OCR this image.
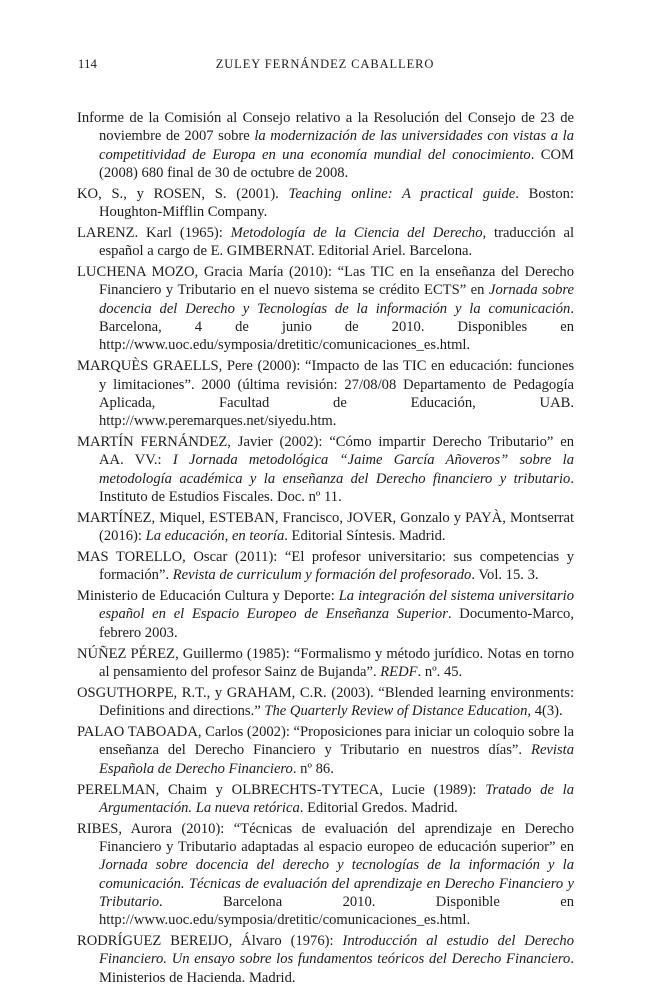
114	ZULEY FERNÁNDEZ CABALLERO
Informe de la Comisión al Consejo relativo a la Resolución del Consejo de 23 de noviembre de 2007 sobre la modernización de las universidades con vistas a la competitividad de Europa en una economía mundial del conocimiento. COM (2008) 680 final de 30 de octubre de 2008.
KO, S., y ROSEN, S. (2001). Teaching online: A practical guide. Boston: Houghton-Mifflin Company.
LARENZ. Karl (1965): Metodología de la Ciencia del Derecho, traducción al español a cargo de E. GIMBERNAT. Editorial Ariel. Barcelona.
LUCHENA MOZO, Gracia María (2010): “Las TIC en la enseñanza del Derecho Financiero y Tributario en el nuevo sistema se crédito ECTS” en Jornada sobre docencia del Derecho y Tecnologías de la información y la comunicación. Barcelona, 4 de junio de 2010. Disponibles en http://www.uoc.edu/symposia/dretitic/comunicaciones_es.html.
MARQUÈS GRAELLS, Pere (2000): “Impacto de las TIC en educación: funciones y limitaciones”. 2000 (última revisión: 27/08/08 Departamento de Pedagogía Aplicada, Facultad de Educación, UAB. http://www.peremarques.net/siyedu.htm.
MARTÍN FERNÁNDEZ, Javier (2002): “Cómo impartir Derecho Tributario” en AA. VV.: I Jornada metodológica “Jaime García Añoveros” sobre la metodología académica y la enseñanza del Derecho financiero y tributario. Instituto de Estudios Fiscales. Doc. nº 11.
MARTÍNEZ, Miquel, ESTEBAN, Francisco, JOVER, Gonzalo y PAYÀ, Montserrat (2016): La educación, en teoría. Editorial Síntesis. Madrid.
MAS TORELLO, Oscar (2011): “El profesor universitario: sus competencias y formación”. Revista de curriculum y formación del profesorado. Vol. 15. 3.
Ministerio de Educación Cultura y Deporte: La integración del sistema universitario español en el Espacio Europeo de Enseñanza Superior. Documento-Marco, febrero 2003.
NÚÑEZ PÉREZ, Guillermo (1985): “Formalismo y método jurídico. Notas en torno al pensamiento del profesor Sainz de Bujanda”. REDF. nº. 45.
OSGUTHORPE, R.T., y GRAHAM, C.R. (2003). “Blended learning environments: Definitions and directions.” The Quarterly Review of Distance Education, 4(3).
PALAO TABOADA, Carlos (2002): “Proposiciones para iniciar un coloquio sobre la enseñanza del Derecho Financiero y Tributario en nuestros días”. Revista Española de Derecho Financiero. nº 86.
PERELMAN, Chaim y OLBRECHTS-TYTECA, Lucie (1989): Tratado de la Argumentación. La nueva retórica. Editorial Gredos. Madrid.
RIBES, Aurora (2010): “Técnicas de evaluación del aprendizaje en Derecho Financiero y Tributario adaptadas al espacio europeo de educación superior” en Jornada sobre docencia del derecho y tecnologías de la información y la comunicación. Técnicas de evaluación del aprendizaje en Derecho Financiero y Tributario. Barcelona 2010. Disponible en http://www.uoc.edu/symposia/dretitic/comunicaciones_es.html.
RODRÍGUEZ BEREIJO, Álvaro (1976): Introducción al estudio del Derecho Financiero. Un ensayo sobre los fundamentos teóricos del Derecho Financiero. Ministerios de Hacienda. Madrid.
